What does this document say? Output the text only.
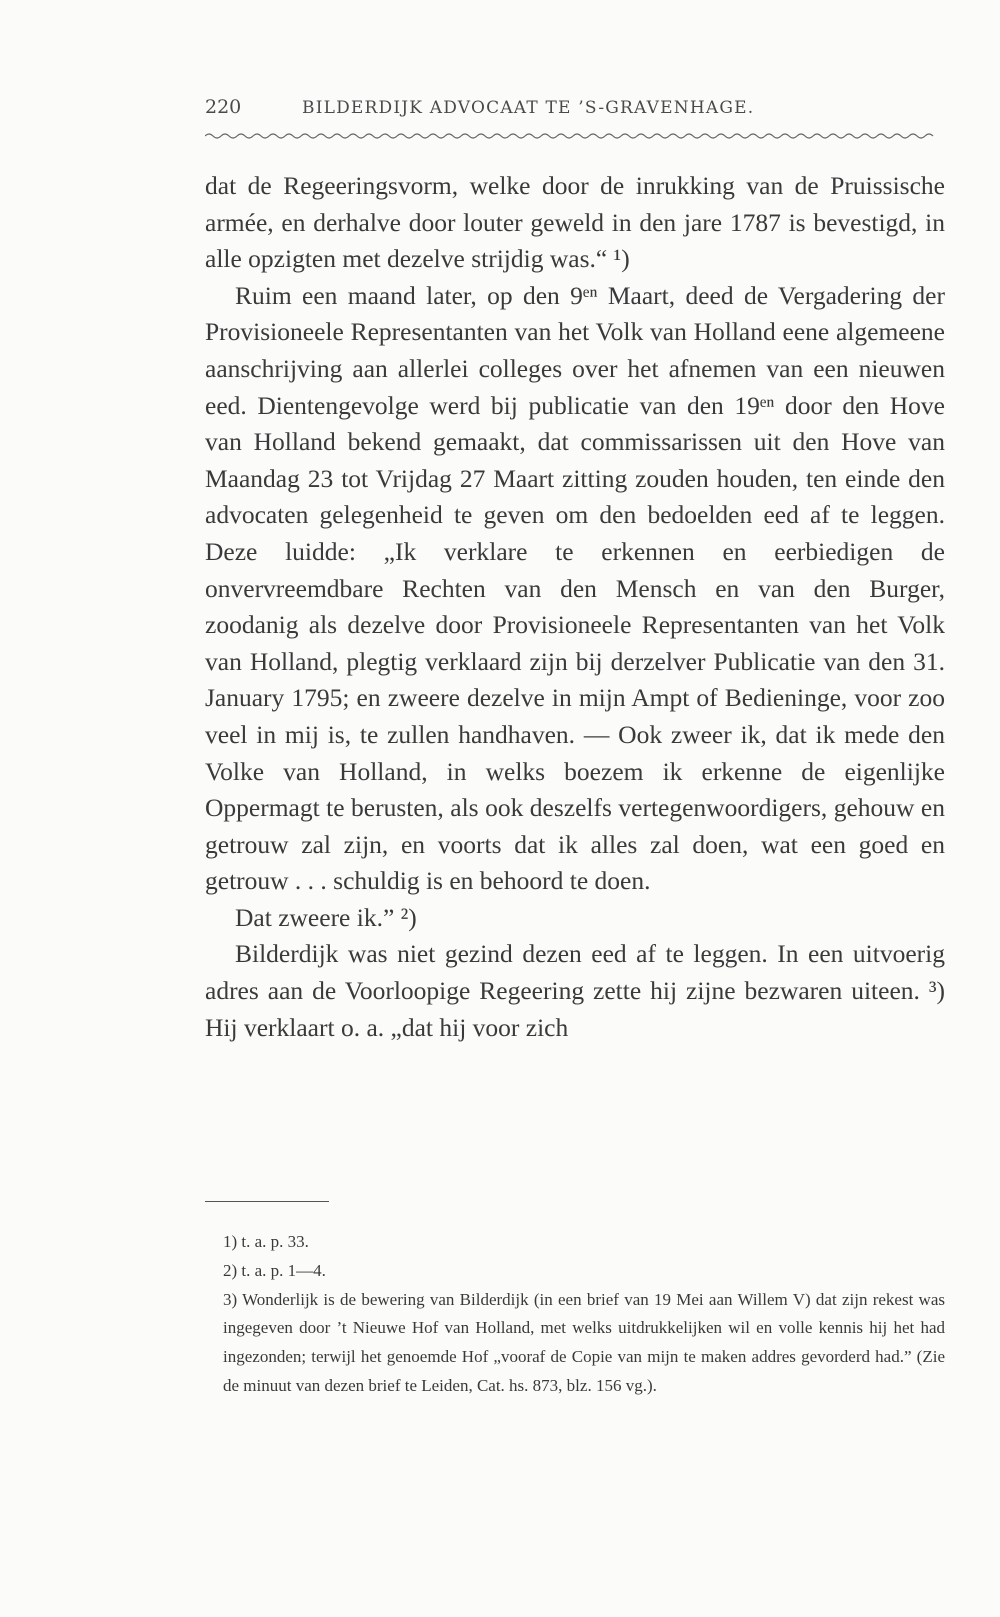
220	BILDERDIJK ADVOCAAT TE ’S-GRAVENHAGE.

dat de Regeeringsvorm, welke door de inrukking van de Pruissische armée, en derhalve door louter geweld in den jare 1787 is bevestigd, in alle opzigten met dezelve strijdig was.“ ¹)

Ruim een maand later, op den 9ᵉⁿ Maart, deed de Vergadering der Provisioneele Representanten van het Volk van Holland eene algemeene aanschrijving aan allerlei colleges over het afnemen van een nieuwen eed. Dientengevolge werd bij publicatie van den 19ᵉⁿ door den Hove van Holland bekend gemaakt, dat commissarissen uit den Hove van Maandag 23 tot Vrijdag 27 Maart zitting zouden houden, ten einde den advocaten gelegenheid te geven om den bedoelden eed af te leggen. Deze luidde: „Ik verklare te erkennen en eerbiedigen de onvervreemdbare Rechten van den Mensch en van den Burger, zoodanig als dezelve door Provisioneele Representanten van het Volk van Holland, plegtig verklaard zijn bij derzelver Publicatie van den 31. January 1795; en zweere dezelve in mijn Ampt of Bedieninge, voor zoo veel in mij is, te zullen handhaven. — Ook zweer ik, dat ik mede den Volke van Holland, in welks boezem ik erkenne de eigenlijke Oppermagt te berusten, als ook deszelfs vertegenwoordigers, gehouw en getrouw zal zijn, en voorts dat ik alles zal doen, wat een goed en getrouw . . . schuldig is en behoord te doen.

Dat zweere ik.” ²)

Bilderdijk was niet gezind dezen eed af te leggen. In een uitvoerig adres aan de Voorloopige Regeering zette hij zijne bezwaren uiteen. ³) Hij verklaart o. a. „dat hij voor zich

1) t. a. p. 33.

2) t. a. p. 1—4.

3) Wonderlijk is de bewering van Bilderdijk (in een brief van 19 Mei aan Willem V) dat zijn rekest was ingegeven door ’t Nieuwe Hof van Holland, met welks uitdrukkelijken wil en volle kennis hij het had ingezonden; terwijl het genoemde Hof „vooraf de Copie van mijn te maken addres gevorderd had.” (Zie de minuut van dezen brief te Leiden, Cat. hs. 873, blz. 156 vg.).
